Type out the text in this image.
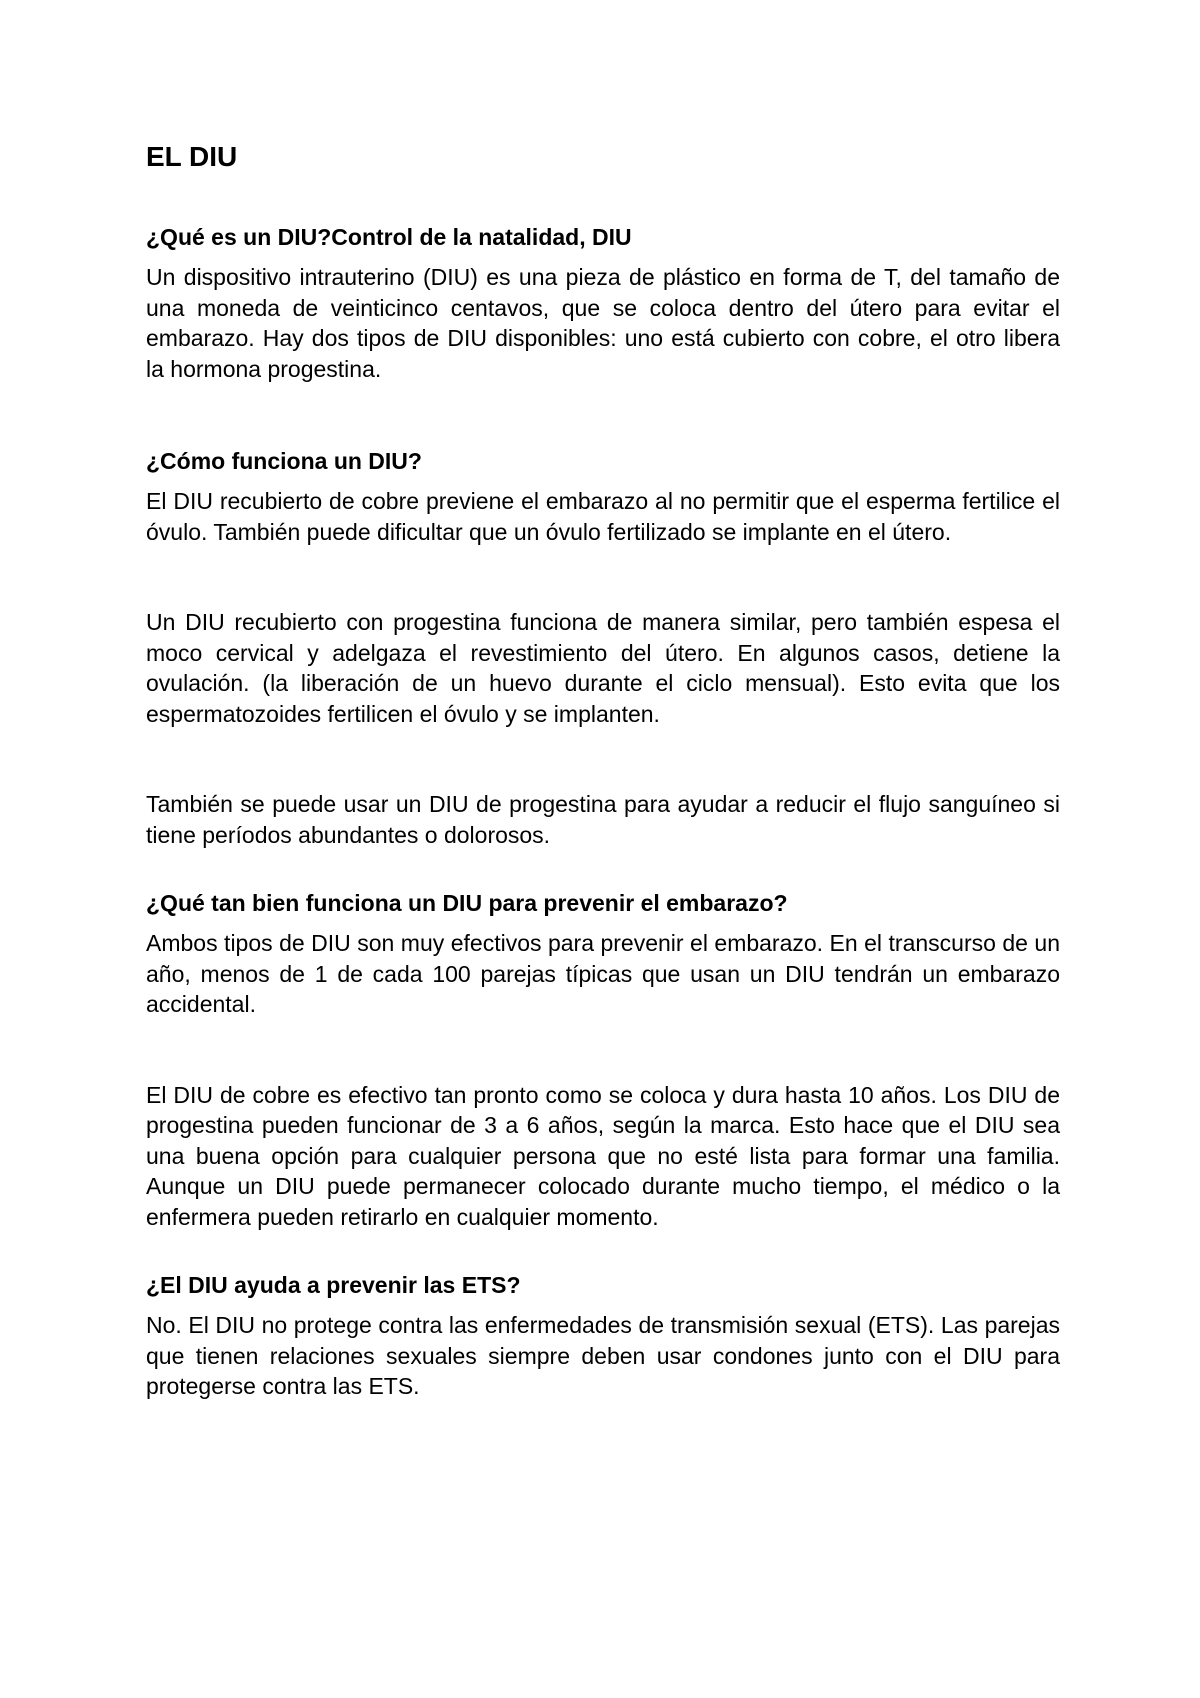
EL DIU
¿Qué es un DIU?Control de la natalidad, DIU

Un dispositivo intrauterino (DIU) es una pieza de plástico en forma de T, del tamaño de una moneda de veinticinco centavos, que se coloca dentro del útero para evitar el embarazo. Hay dos tipos de DIU disponibles: uno está cubierto con cobre, el otro libera la hormona progestina.

¿Cómo funciona un DIU?

El DIU recubierto de cobre previene el embarazo al no permitir que el esperma fertilice el óvulo. También puede dificultar que un óvulo fertilizado se implante en el útero.

Un DIU recubierto con progestina funciona de manera similar, pero también espesa el moco cervical y adelgaza el revestimiento del útero. En algunos casos, detiene la ovulación. (la liberación de un huevo durante el ciclo mensual). Esto evita que los espermatozoides fertilicen el óvulo y se implanten.

También se puede usar un DIU de progestina para ayudar a reducir el flujo sanguíneo si tiene períodos abundantes o dolorosos.

¿Qué tan bien funciona un DIU para prevenir el embarazo?

Ambos tipos de DIU son muy efectivos para prevenir el embarazo. En el transcurso de un año, menos de 1 de cada 100 parejas típicas que usan un DIU tendrán un embarazo accidental.

El DIU de cobre es efectivo tan pronto como se coloca y dura hasta 10 años. Los DIU de progestina pueden funcionar de 3 a 6 años, según la marca. Esto hace que el DIU sea una buena opción para cualquier persona que no esté lista para formar una familia. Aunque un DIU puede permanecer colocado durante mucho tiempo, el médico o la enfermera pueden retirarlo en cualquier momento.

¿El DIU ayuda a prevenir las ETS?

No. El DIU no protege contra las enfermedades de transmisión sexual (ETS). Las parejas que tienen relaciones sexuales siempre deben usar condones junto con el DIU para protegerse contra las ETS.
